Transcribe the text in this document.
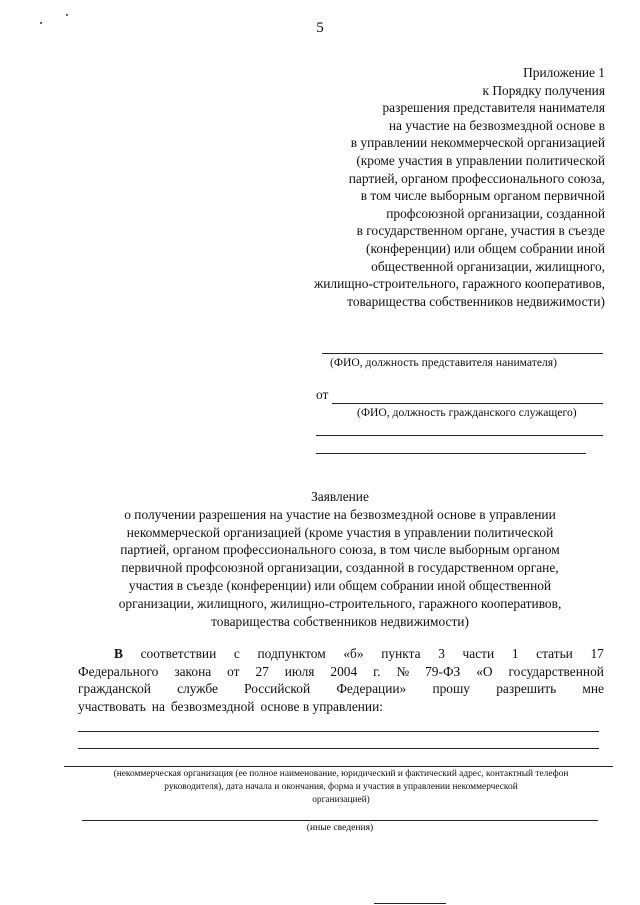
5
Приложение 1
к Порядку получения
разрешения представителя нанимателя
на участие на безвозмездной основе в
в управлении некоммерческой организацией
(кроме участия в управлении политической
партией, органом профессионального союза,
в том числе выборным органом первичной
профсоюзной организации, созданной
в государственном органе, участия в съезде
(конференции) или общем собрании иной
общественной организации, жилищного,
жилищно-строительного, гаражного кооперативов,
товарищества собственников недвижимости)
(ФИО, должность представителя нанимателя)
от
(ФИО, должность гражданского служащего)
Заявление
о получении разрешения на участие на безвозмездной основе в управлении
некоммерческой организацией (кроме участия в управлении политической
партией, органом профессионального союза, в том числе выборным органом
первичной профсоюзной организации, созданной в государственном органе,
участия в съезде (конференции) или общем собрании иной общественной
организации, жилищного, жилищно-строительного, гаражного кооперативов,
товарищества собственников недвижимости)
В соответствии с подпунктом «б» пункта 3 части 1 статьи 17
Федерального закона от 27 июля 2004 г. № 79-ФЗ «О государственной
гражданской службе Российской Федерации» прошу разрешить мне
участвовать на безвозмездной основе в управлении:
(некоммерческая организация (ее полное наименование, юридический и фактический адрес, контактный телефон
руководителя), дата начала и окончания, форма и участия в управлении некоммерческой
организацией)
(иные сведения)
